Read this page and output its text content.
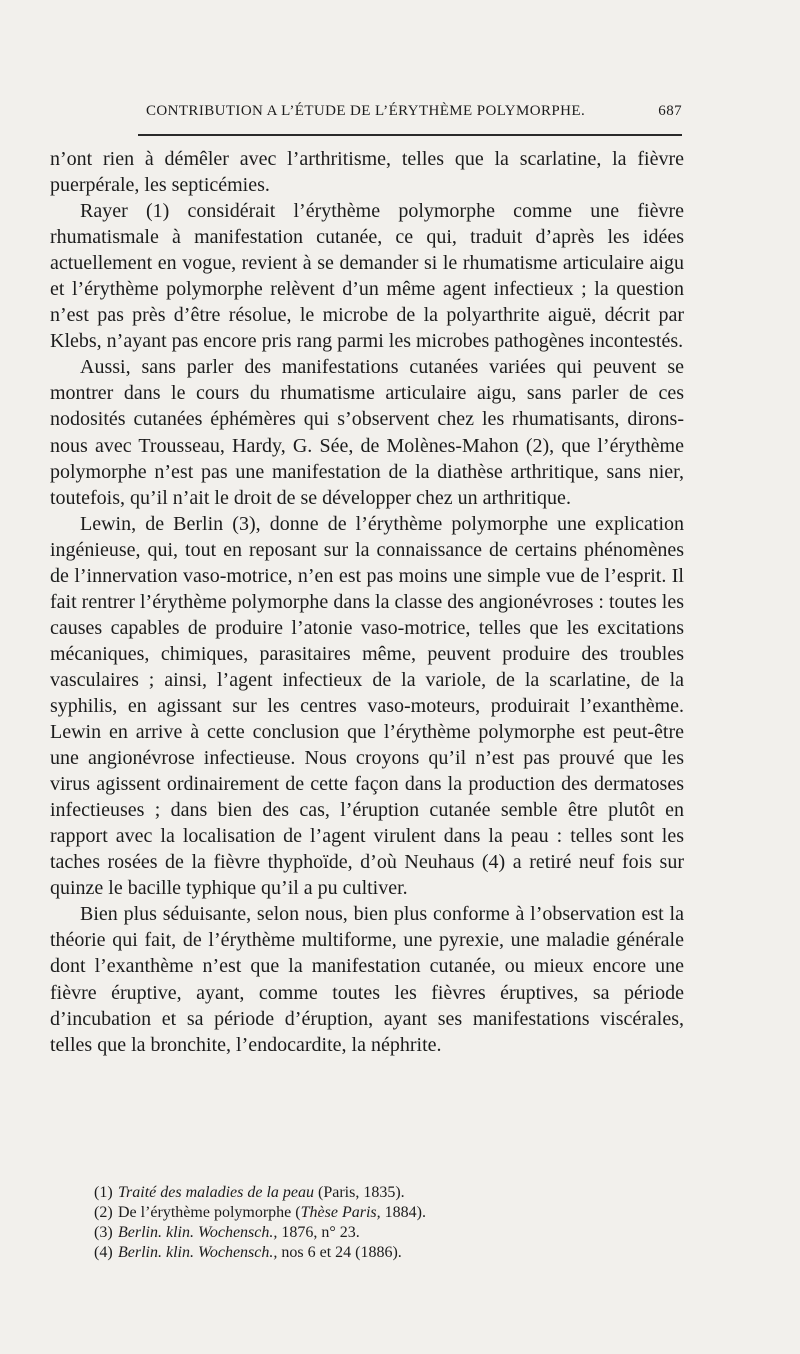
CONTRIBUTION A L’ÉTUDE DE L’ÉRYTHÈME POLYMORPHE.	687

n’ont rien à démêler avec l’arthritisme, telles que la scarlatine, la fièvre puerpérale, les septicémies.

Rayer (1) considérait l’érythème polymorphe comme une fièvre rhumatismale à manifestation cutanée, ce qui, traduit d’après les idées actuellement en vogue, revient à se demander si le rhumatisme articulaire aigu et l’érythème polymorphe relèvent d’un même agent infectieux ; la question n’est pas près d’être résolue, le microbe de la polyarthrite aiguë, décrit par Klebs, n’ayant pas encore pris rang parmi les microbes pathogènes incontestés.

Aussi, sans parler des manifestations cutanées variées qui peuvent se montrer dans le cours du rhumatisme articulaire aigu, sans parler de ces nodosités cutanées éphémères qui s’observent chez les rhumatisants, dirons-nous avec Trousseau, Hardy, G. Sée, de Molènes-Mahon (2), que l’érythème polymorphe n’est pas une manifestation de la diathèse arthritique, sans nier, toutefois, qu’il n’ait le droit de se développer chez un arthritique.

Lewin, de Berlin (3), donne de l’érythème polymorphe une explication ingénieuse, qui, tout en reposant sur la connaissance de certains phénomènes de l’innervation vaso-motrice, n’en est pas moins une simple vue de l’esprit. Il fait rentrer l’érythème polymorphe dans la classe des angionévroses : toutes les causes capables de produire l’atonie vaso-motrice, telles que les excitations mécaniques, chimiques, parasitaires même, peuvent produire des troubles vasculaires ; ainsi, l’agent infectieux de la variole, de la scarlatine, de la syphilis, en agissant sur les centres vaso-moteurs, produirait l’exanthème. Lewin en arrive à cette conclusion que l’érythème polymorphe est peut-être une angionévrose infectieuse. Nous croyons qu’il n’est pas prouvé que les virus agissent ordinairement de cette façon dans la production des dermatoses infectieuses ; dans bien des cas, l’éruption cutanée semble être plutôt en rapport avec la localisation de l’agent virulent dans la peau : telles sont les taches rosées de la fièvre thyphoïde, d’où Neuhaus (4) a retiré neuf fois sur quinze le bacille typhique qu’il a pu cultiver.

Bien plus séduisante, selon nous, bien plus conforme à l’observation est la théorie qui fait, de l’érythème multiforme, une pyrexie, une maladie générale dont l’exanthème n’est que la manifestation cutanée, ou mieux encore une fièvre éruptive, ayant, comme toutes les fièvres éruptives, sa période d’incubation et sa période d’éruption, ayant ses manifestations viscérales, telles que la bronchite, l’endocardite, la néphrite.

(1) Traité des maladies de la peau (Paris, 1835).
(2) De l’érythème polymorphe (Thèse Paris, 1884).
(3) Berlin. klin. Wochensch., 1876, n° 23.
(4) Berlin. klin. Wochensch., nos 6 et 24 (1886).
